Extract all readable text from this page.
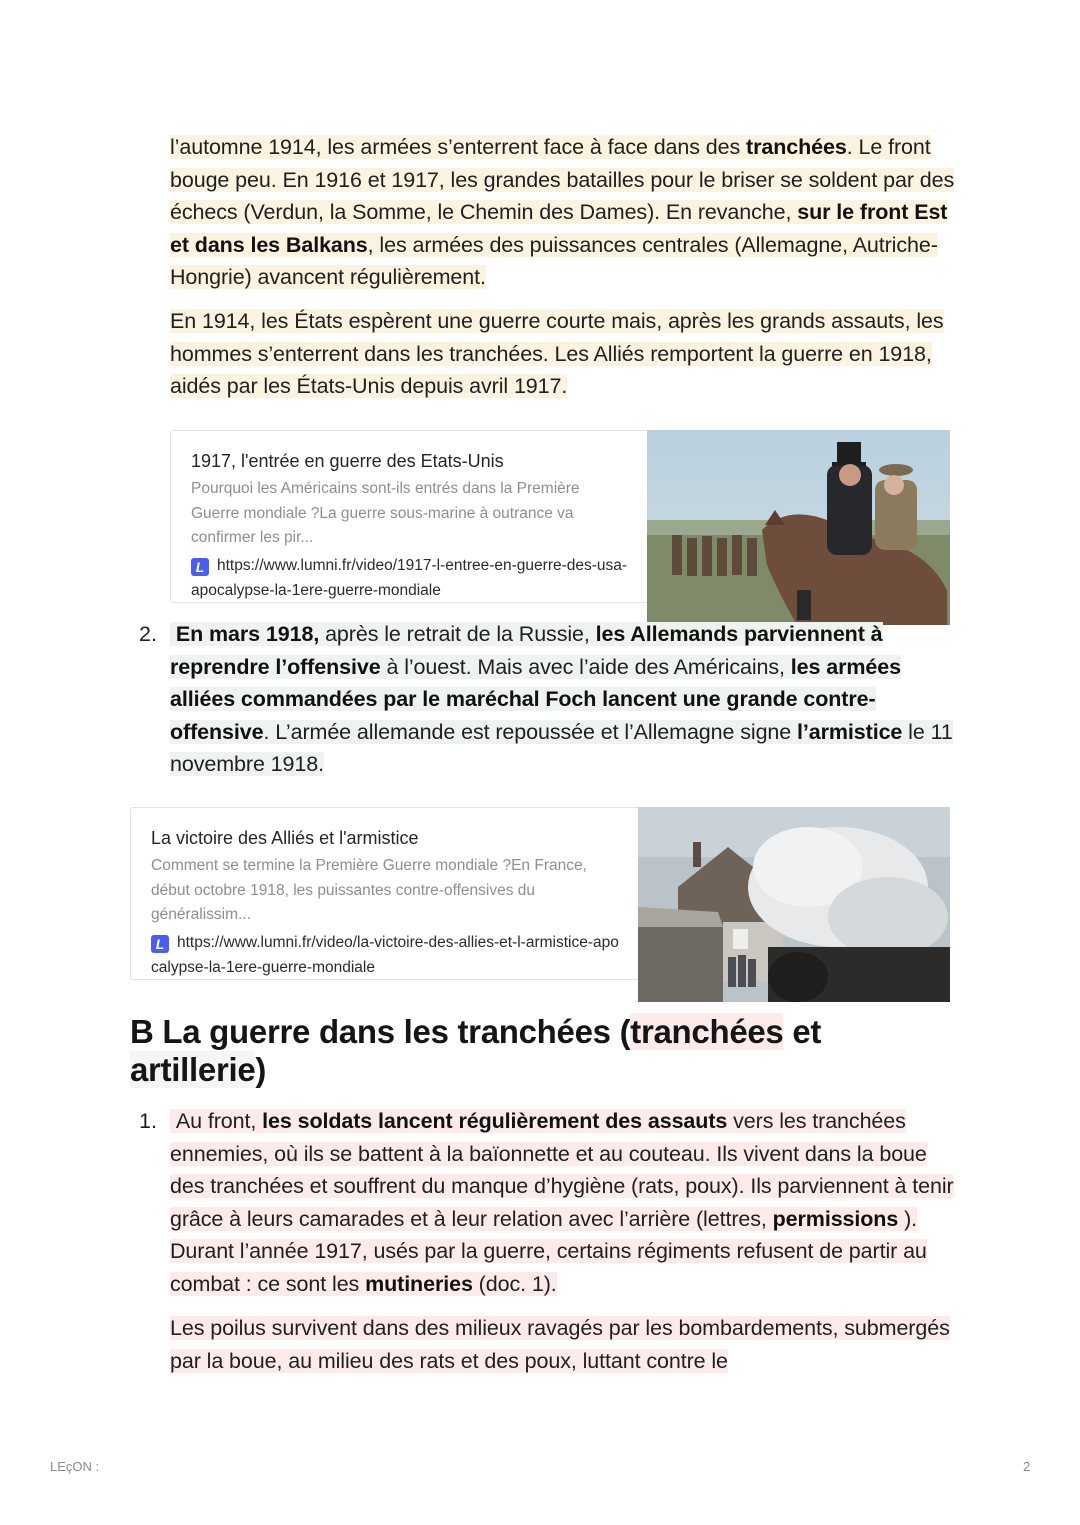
l’automne 1914, les armées s’enterrent face à face dans des tranchées. Le front bouge peu. En 1916 et 1917, les grandes batailles pour le briser se soldent par des échecs (Verdun, la Somme, le Chemin des Dames). En revanche, sur le front Est et dans les Balkans, les armées des puissances centrales (Allemagne, Autriche-Hongrie) avancent régulièrement.
En 1914, les États espèrent une guerre courte mais, après les grands assauts, les hommes s’enterrent dans les tranchées. Les Alliés remportent la guerre en 1918, aidés par les États-Unis depuis avril 1917.
1917, l'entrée en guerre des Etats-Unis
Pourquoi les Américains sont-ils entrés dans la Première Guerre mondiale ?La guerre sous-marine à outrance va confirmer les pir...
L https://www.lumni.fr/video/1917-l-entree-en-guerre-des-usa-apocalypse-la-1ere-guerre-mondiale
2. En mars 1918, après le retrait de la Russie, les Allemands parviennent à reprendre l’offensive à l’ouest. Mais avec l’aide des Américains, les armées alliées commandées par le maréchal Foch lancent une grande contre-offensive. L’armée allemande est repoussée et l’Allemagne signe l’armistice le 11 novembre 1918.
La victoire des Alliés et l'armistice
Comment se termine la Première Guerre mondiale ?En France, début octobre 1918, les puissantes contre-offensives du généralissim...
L https://www.lumni.fr/video/la-victoire-des-allies-et-l-armistice-apocalypse-la-1ere-guerre-mondiale
B La guerre dans les tranchées (tranchées et artillerie)
1. Au front, les soldats lancent régulièrement des assauts vers les tranchées ennemies, où ils se battent à la baïonnette et au couteau. Ils vivent dans la boue des tranchées et souffrent du manque d’hygiène (rats, poux). Ils parviennent à tenir grâce à leurs camarades et à leur relation avec l’arrière (lettres, permissions ). Durant l’année 1917, usés par la guerre, certains régiments refusent de partir au combat : ce sont les mutineries (doc. 1).
Les poilus survivent dans des milieux ravagés par les bombardements, submergés par la boue, au milieu des rats et des poux, luttant contre le
LEçON :	2
